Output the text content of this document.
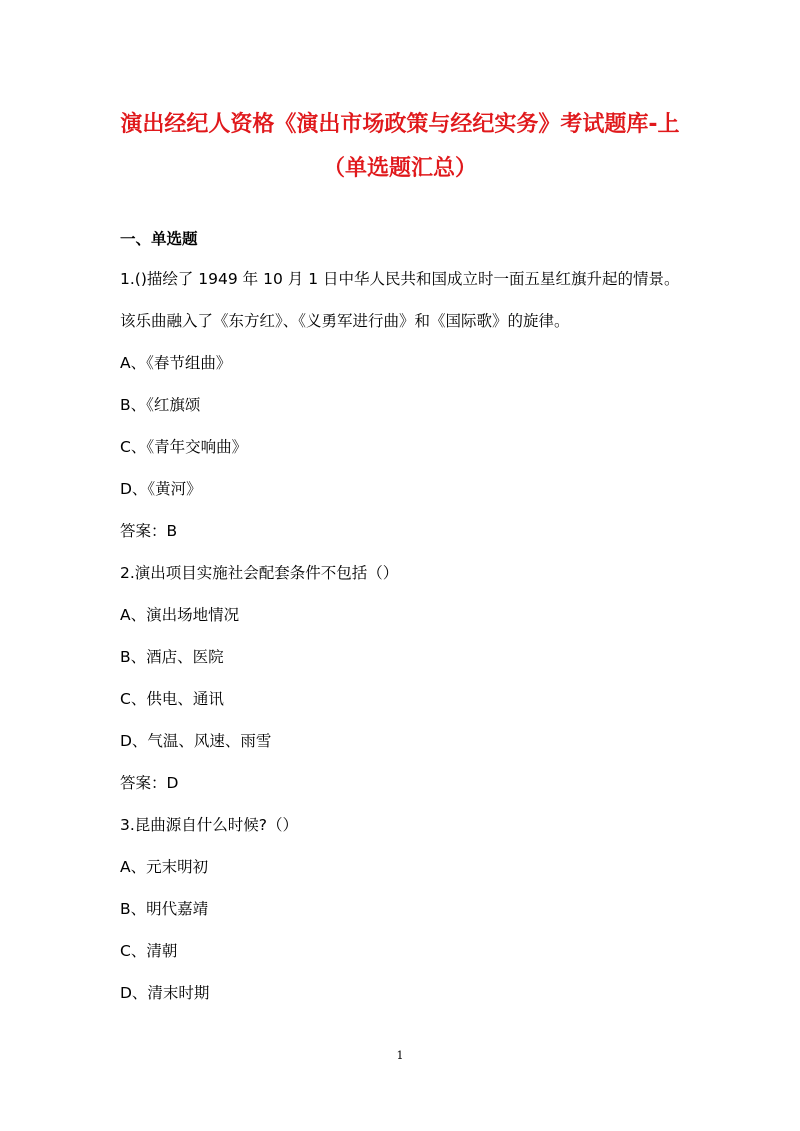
演出经纪人资格《演出市场政策与经纪实务》考试题库-上
（单选题汇总）
一、单选题
1.()描绘了 1949 年 10 月 1 日中华人民共和国成立时一面五星红旗升起的情景。
该乐曲融入了《东方红》、《义勇军进行曲》和《国际歌》的旋律。
A、《春节组曲》
B、《红旗颂
C、《青年交响曲》
D、《黄河》
答案：B
2.演出项目实施社会配套条件不包括（）
A、演出场地情况
B、酒店、医院
C、供电、通讯
D、气温、风速、雨雪
答案：D
3.昆曲源自什么时候?（）
A、元末明初
B、明代嘉靖
C、清朝
D、清末时期
1
